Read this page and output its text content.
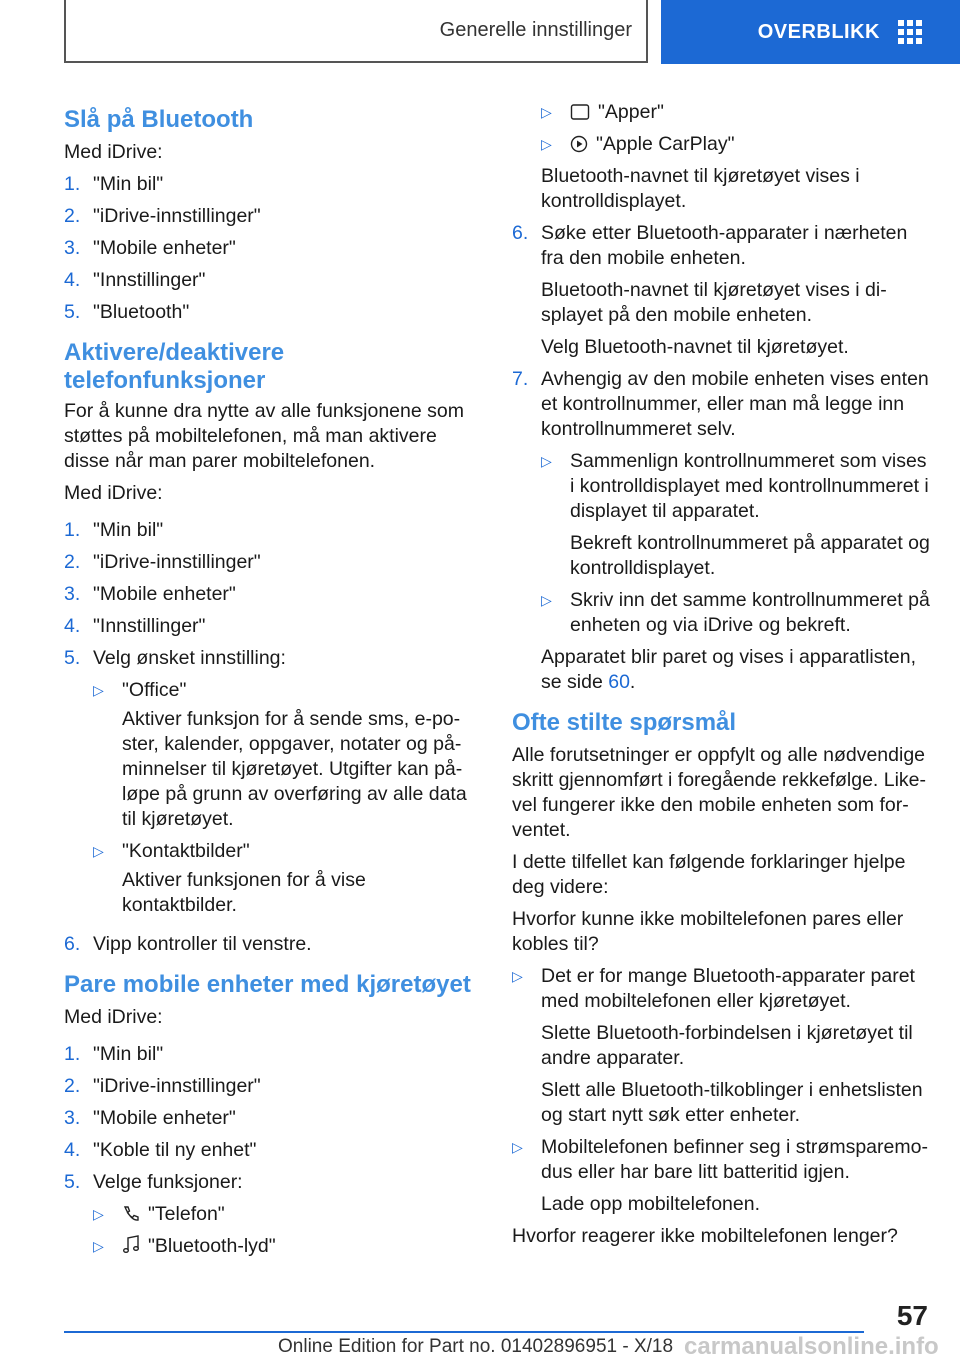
Generelle innstillinger	OVERBLIKK
Slå på Bluetooth

Med iDrive:

1. "Min bil"
2. "iDrive-innstillinger"
3. "Mobile enheter"
4. "Innstillinger"
5. "Bluetooth"
Aktivere/deaktivere
telefonfunksjoner

For å kunne dra nytte av alle funksjonene som støttes på mobiltelefonen, må man aktivere disse når man parer mobiltelefonen.

Med iDrive:

1. "Min bil"
2. "iDrive-innstillinger"
3. "Mobile enheter"
4. "Innstillinger"
5. Velg ønsket innstilling:
▷ "Office"
Aktiver funksjon for å sende sms, e-poster, kalender, oppgaver, notater og påminnelser til kjøretøyet. Utgifter kan påløpe på grunn av overføring av alle data til kjøretøyet.
▷ "Kontaktbilder"
Aktiver funksjonen for å vise kontaktbilder.
6. Vipp kontroller til venstre.
Pare mobile enheter med kjøretøyet

Med iDrive:

1. "Min bil"
2. "iDrive-innstillinger"
3. "Mobile enheter"
4. "Koble til ny enhet"
5. Velge funksjoner:
▷	"Telefon"
▷	"Bluetooth-lyd"
▷	"Apper"
▷	"Apple CarPlay"

Bluetooth-navnet til kjøretøyet vises i kontrolldisplayet.

6. Søke etter Bluetooth-apparater i nærheten fra den mobile enheten.
Bluetooth-navnet til kjøretøyet vises i displayet på den mobile enheten.
Velg Bluetooth-navnet til kjøretøyet.
7. Avhengig av den mobile enheten vises enten et kontrollnummer, eller man må legge inn kontrollnummeret selv.
▷ Sammenlign kontrollnummeret som vises i kontrolldisplayet med kontrollnummeret i displayet til apparatet.
Bekreft kontrollnummeret på apparatet og kontrolldisplayet.
▷ Skriv inn det samme kontrollnummeret på enheten og via iDrive og bekreft.
Apparatet blir paret og vises i apparatlisten, se side 60.
Ofte stilte spørsmål

Alle forutsetninger er oppfylt og alle nødvendige skritt gjennomført i foregående rekkefølge. Likevel fungerer ikke den mobile enheten som forventet.

I dette tilfellet kan følgende forklaringer hjelpe deg videre:

Hvorfor kunne ikke mobiltelefonen pares eller kobles til?

▷ Det er for mange Bluetooth-apparater paret med mobiltelefonen eller kjøretøyet.
Slette Bluetooth-forbindelsen i kjøretøyet til andre apparater.
Slett alle Bluetooth-tilkoblinger i enhetslisten og start nytt søk etter enheter.
▷ Mobiltelefonen befinner seg i strømsparemodus eller har bare litt batteritid igjen.
Lade opp mobiltelefonen.

Hvorfor reagerer ikke mobiltelefonen lenger?

57
Online Edition for Part no. 01402896951 - X/18 carmanualsonline.info
